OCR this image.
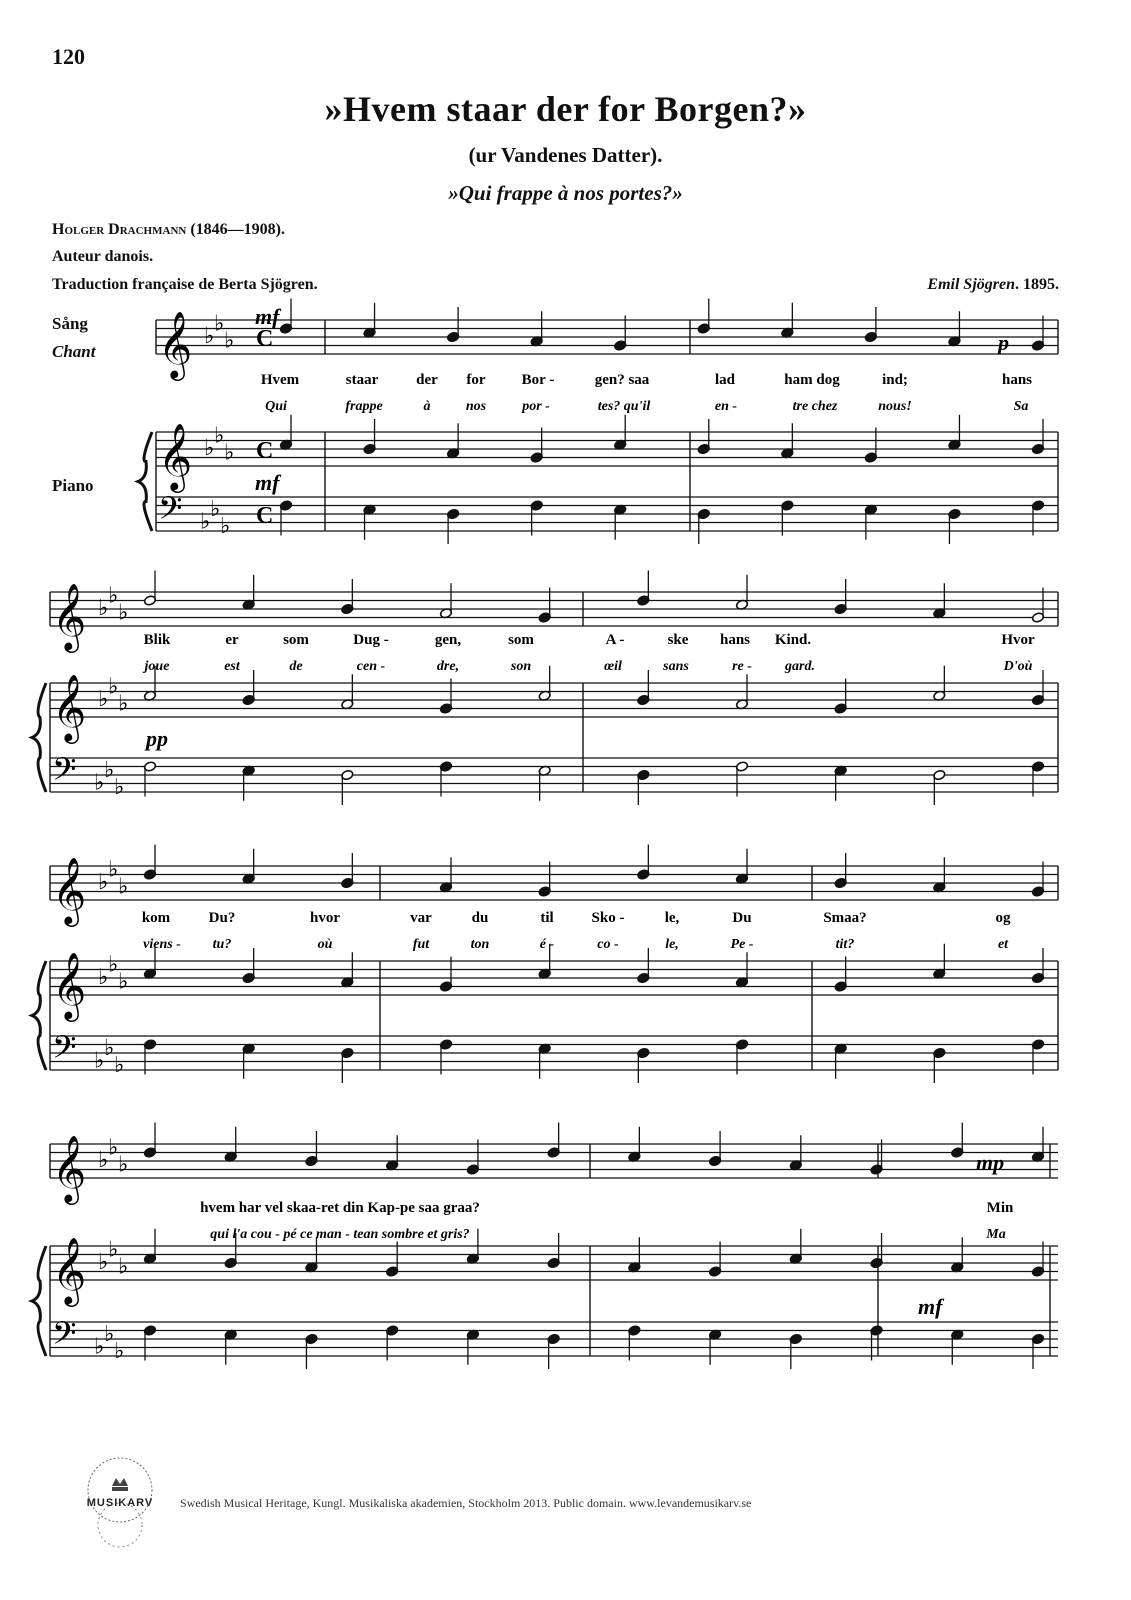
120
»Hvem staar der for Borgen?»
(ur Vandenes Datter).
»Qui frappe à nos portes?»
Holger Drachmann (1846—1908).
Auteur danois.
Traduction française de Berta Sjögren.	Emil Sjögren. 1895.
Sång
Chant
Piano
𝄞 ♭
♭
♭
𝄞 ♭
♭
♭
𝄢 ♭
♭
♭
C
C
C
𝄞 ♭
♭
♭
𝄞 ♭
♭
♭
𝄢 ♭
♭
♭
𝄞 ♭
♭
♭
𝄞 ♭
♭
♭
𝄢 ♭
♭
♭
𝄞 ♭
♭
♭
𝄞 ♭
♭
♭
𝄢 ♭
♭
♭
Hvem	staar	der for Bor -	gen? saa	lad	ham dog	ind;	hans
Qui	frappe	à	nos	por -	tes? qu'il	en -	tre chez	nous!	Sa
Blik	er	som	Dug -	gen,	som	A -	ske hans Kind.	Hvor
joue	est	de	cen -	dre,	son	œil	sans	re - gard.	D'où
kom	Du?	hvor	var	du	til	Sko -	le,	Du	Smaa?	og
viens - tu?	où	fut	ton	é -	co -	le,	Pe -	tit?	et
hvem har vel skaa-ret din Kap-pe saa graa?	Min
qui l'a cou - pé ce man - tean sombre et gris?	Ma
mf
p
mf
pp
mp
mf
MUSIKARV Swedish Musical Heritage, Kungl. Musikaliska akademien, Stockholm 2013. Public domain. www.levandemusikarv.se
